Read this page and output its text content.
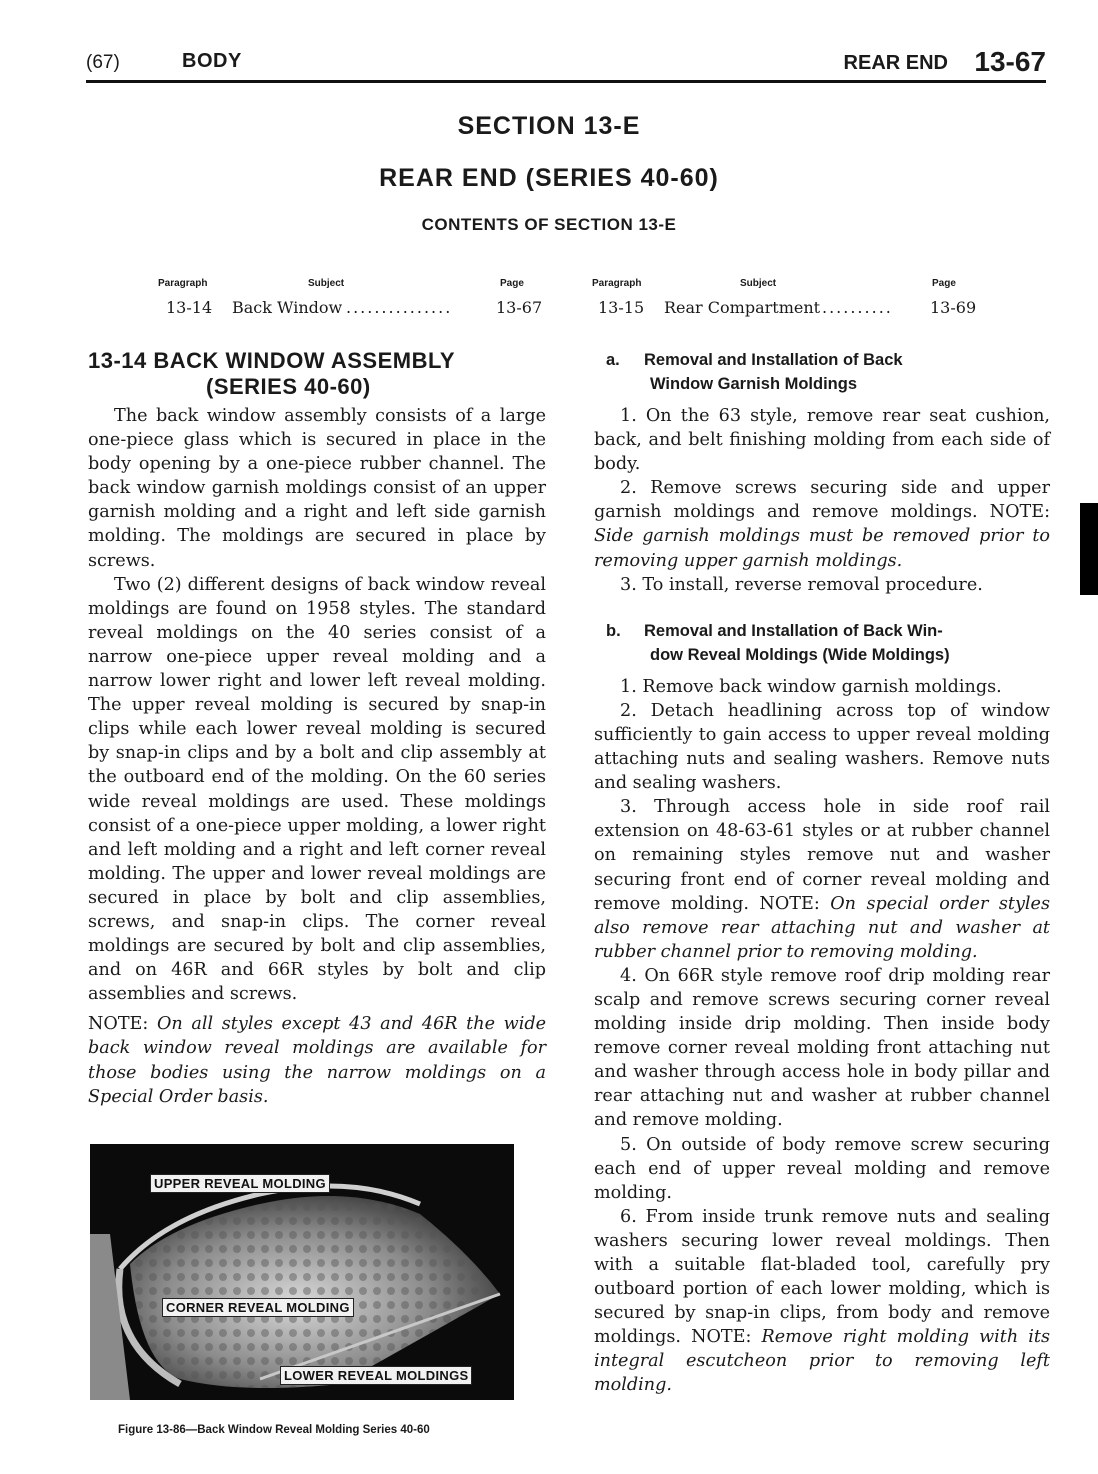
(67)	BODY	REAR END 13-67
SECTION 13-E
REAR END (SERIES 40-60)
CONTENTS OF SECTION 13-E
Paragraph	Subject	Page
13-14 Back Window ...............	13-67
Paragraph	Subject	Page
13-15 Rear Compartment .......... 13-69
13-14 BACK WINDOW ASSEMBLY
(SERIES 40-60)

The back window assembly consists of a large one-piece glass which is secured in place in the body opening by a one-piece rubber channel. The back window garnish moldings consist of an upper garnish molding and a right and left side garnish molding. The moldings are secured in place by screws.

Two (2) different designs of back window reveal moldings are found on 1958 styles. The standard reveal moldings on the 40 series consist of a narrow one-piece upper reveal molding and a narrow lower right and lower left reveal molding. The upper reveal molding is secured by snap-in clips while each lower reveal molding is secured by snap-in clips and by a bolt and clip assembly at the outboard end of the molding. On the 60 series wide reveal moldings are used. These moldings consist of a one-piece upper molding, a lower right and left molding and a right and left corner reveal molding. The upper and lower reveal moldings are secured in place by bolt and clip assemblies, screws, and snap-in clips. The corner reveal moldings are secured by bolt and clip assemblies, and on 46R and 66R styles by bolt and clip assemblies and screws.

NOTE: On all styles except 43 and 46R the wide back window reveal moldings are available for those bodies using the narrow moldings on a Special Order basis.

UPPER REVEAL MOLDING
CORNER REVEAL MOLDING
LOWER REVEAL MOLDINGS
Figure 13-86—Back Window Reveal Molding Series 40-60
a. Removal and Installation of Back
Window Garnish Moldings

1. On the 63 style, remove rear seat cushion, back, and belt finishing molding from each side of body.

2. Remove screws securing side and upper garnish moldings and remove moldings. NOTE: Side garnish moldings must be removed prior to removing upper garnish moldings.

3. To install, reverse removal procedure.

b. Removal and Installation of Back Win-
dow Reveal Moldings (Wide Moldings)

1. Remove back window garnish moldings.

2. Detach headlining across top of window sufficiently to gain access to upper reveal molding attaching nuts and sealing washers. Remove nuts and sealing washers.

3. Through access hole in side roof rail extension on 48-63-61 styles or at rubber channel on remaining styles remove nut and washer securing front end of corner reveal molding and remove molding. NOTE: On special order styles also remove rear attaching nut and washer at rubber channel prior to removing molding.

4. On 66R style remove roof drip molding rear scalp and remove screws securing corner reveal molding inside drip molding. Then inside body remove corner reveal molding front attaching nut and washer through access hole in body pillar and rear attaching nut and washer at rubber channel and remove molding.

5. On outside of body remove screw securing each end of upper reveal molding and remove molding.

6. From inside trunk remove nuts and sealing washers securing lower reveal moldings. Then with a suitable flat-bladed tool, carefully pry outboard portion of each lower molding, which is secured by snap-in clips, from body and remove moldings. NOTE: Remove right molding with its integral escutcheon prior to removing left molding.
